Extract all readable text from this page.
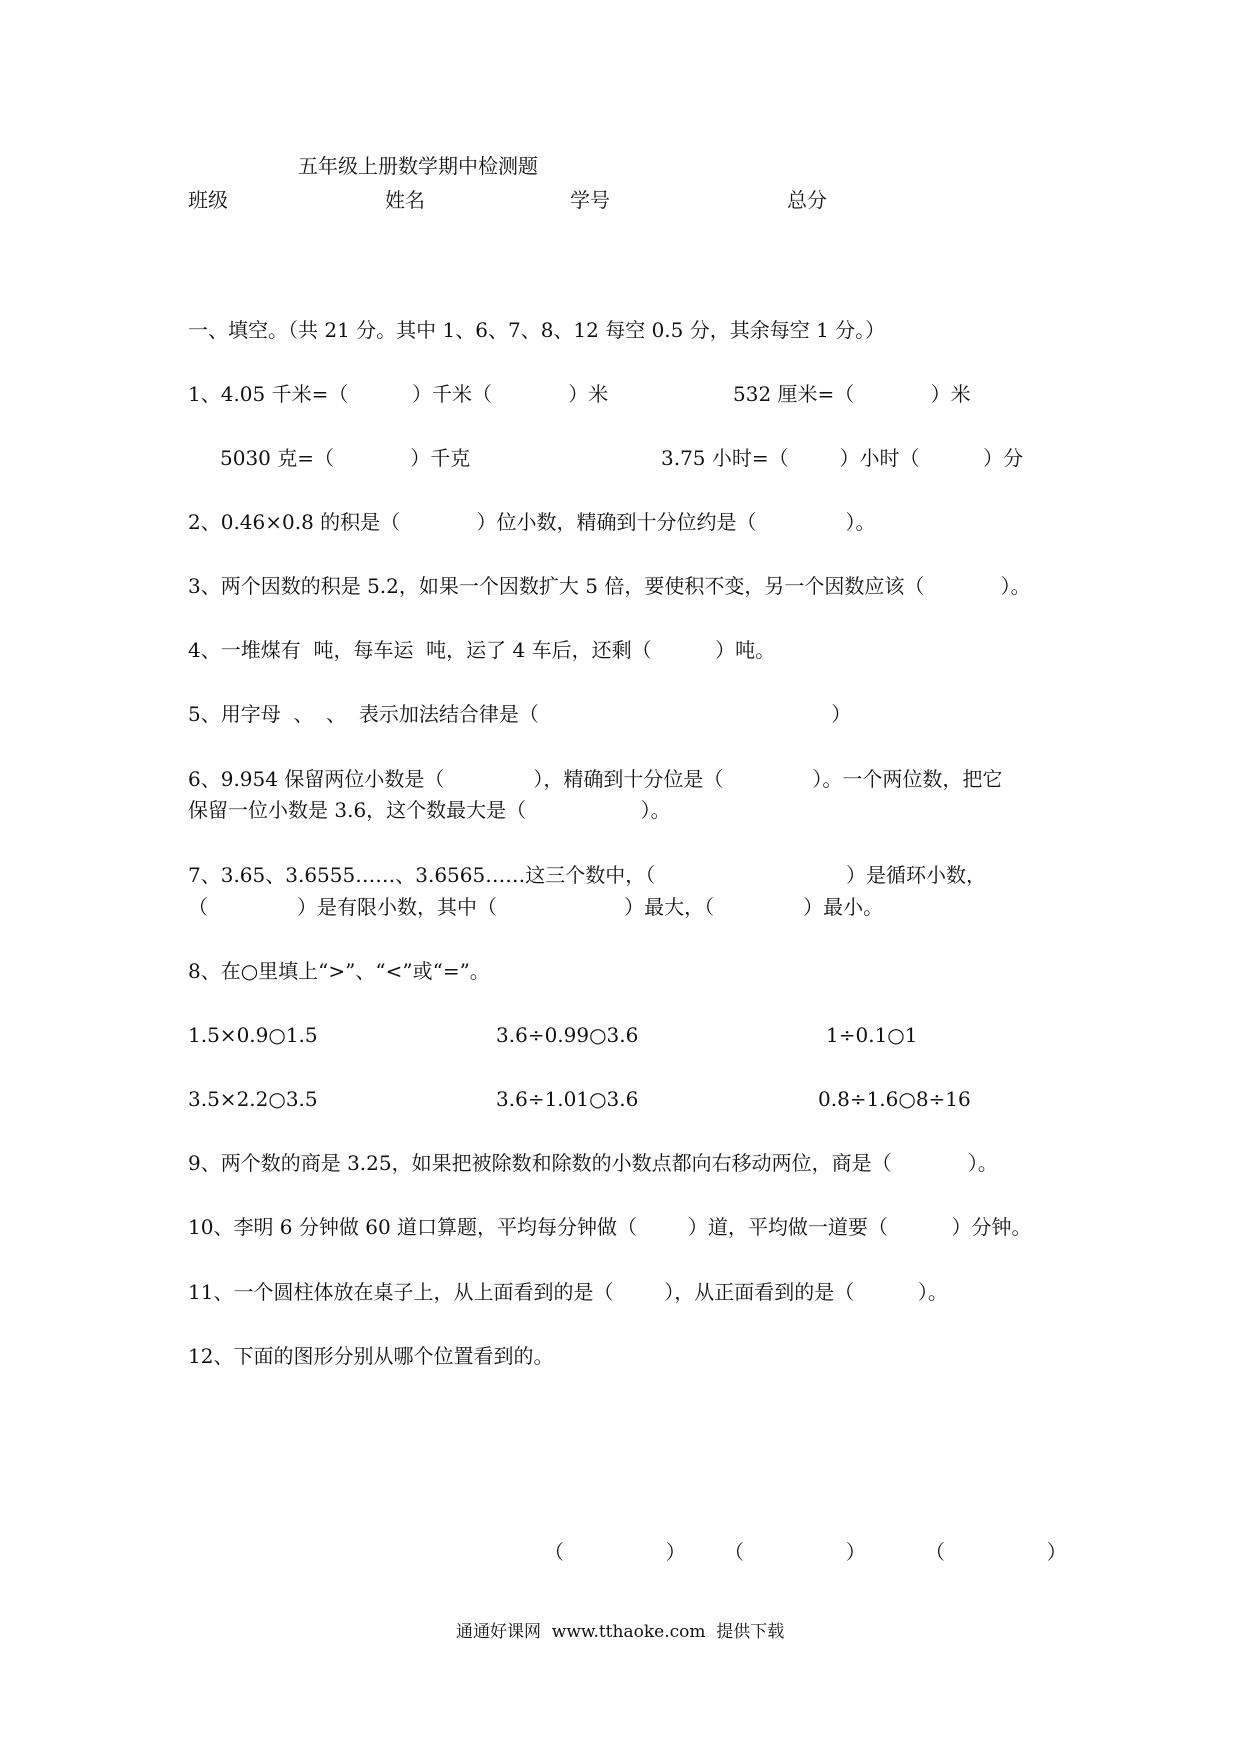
五年级上册数学期中检测题
班级	姓名	学号	总分
一、填空。（共 21 分。其中 1、6、7、8、12 每空 0.5 分，其余每空 1 分。）
1、4.05 千米=（          ）千米（            ）米	532 厘米=（            ）米
5030 克=（            ）千克	3.75 小时=（        ）小时（          ）分
2、0.46×0.8 的积是（            ）位小数，精确到十分位约是（              ）。
3、两个因数的积是 5.2，如果一个因数扩大 5 倍，要使积不变，另一个因数应该（            ）。
4、一堆煤有  吨，每车运  吨，运了 4 车后，还剩（          ）吨。
5、用字母  、  、  表示加法结合律是（                                              ）
6、9.954 保留两位小数是（              ），精确到十分位是（              ）。一个两位数，把它
保留一位小数是 3.6，这个数最大是（                  ）。
7、3.65、3.6555……、3.6565……这三个数中，（                              ）是循环小数，
（              ）是有限小数，其中（                    ）最大，（              ）最小。
8、在○里填上“>”、“<”或“=”。
1.5×0.9○1.5	3.6÷0.99○3.6	1÷0.1○1
3.5×2.2○3.5	3.6÷1.01○3.6	0.8÷1.6○8÷16
9、两个数的商是 3.25，如果把被除数和除数的小数点都向右移动两位，商是（            ）。
10、李明 6 分钟做 60 道口算题，平均每分钟做（        ）道，平均做一道要（          ）分钟。
11、一个圆柱体放在桌子上，从上面看到的是（        ），从正面看到的是（          ）。
12、下面的图形分别从哪个位置看到的。
（                ） （                ）	（                ）
通通好课网  www.tthaoke.com  提供下载
